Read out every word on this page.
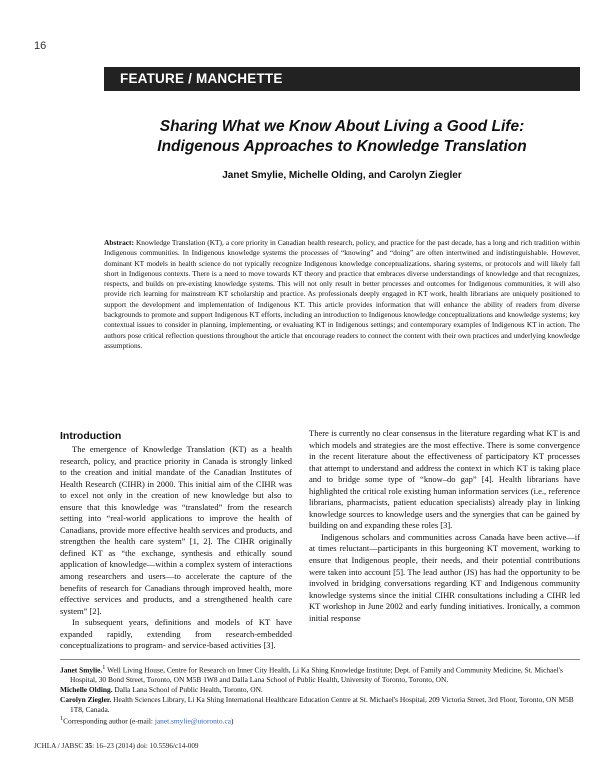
16
FEATURE / MANCHETTE
Sharing What we Know About Living a Good Life:
Indigenous Approaches to Knowledge Translation
Janet Smylie, Michelle Olding, and Carolyn Ziegler
Abstract: Knowledge Translation (KT), a core priority in Canadian health research, policy, and practice for the past decade, has a long and rich tradition within Indigenous communities. In Indigenous knowledge systems the processes of “knowing” and “doing” are often intertwined and indistinguishable. However, dominant KT models in health science do not typically recognize Indigenous knowledge conceptualizations, sharing systems, or protocols and will likely fall short in Indigenous contexts. There is a need to move towards KT theory and practice that embraces diverse understandings of knowledge and that recognizes, respects, and builds on pre-existing knowledge systems. This will not only result in better processes and outcomes for Indigenous communities, it will also provide rich learning for mainstream KT scholarship and practice. As professionals deeply engaged in KT work, health librarians are uniquely positioned to support the development and implementation of Indigenous KT. This article provides information that will enhance the ability of readers from diverse backgrounds to promote and support Indigenous KT efforts, including an introduction to Indigenous knowledge conceptualizations and knowledge systems; key contextual issues to consider in planning, implementing, or evaluating KT in Indigenous settings; and contemporary examples of Indigenous KT in action. The authors pose critical reflection questions throughout the article that encourage readers to connect the content with their own practices and underlying knowledge assumptions.
Introduction

The emergence of Knowledge Translation (KT) as a health research, policy, and practice priority in Canada is strongly linked to the creation and initial mandate of the Canadian Institutes of Health Research (CIHR) in 2000. This initial aim of the CIHR was to excel not only in the creation of new knowledge but also to ensure that this knowledge was “translated” from the research setting into “real-world applications to improve the health of Canadians, provide more effective health services and products, and strengthen the health care system” [1, 2]. The CIHR originally defined KT as “the exchange, synthesis and ethically sound application of knowledge—within a complex system of interactions among researchers and users—to accelerate the capture of the benefits of research for Canadians through improved health, more effective services and products, and a strengthened health care system” [2].

In subsequent years, definitions and models of KT have expanded rapidly, extending from research-embedded conceptualizations to program- and service-based activities [3].

There is currently no clear consensus in the literature regarding what KT is and which models and strategies are the most effective. There is some convergence in the recent literature about the effectiveness of participatory KT processes that attempt to understand and address the context in which KT is taking place and to bridge some type of “know–do gap” [4]. Health librarians have highlighted the critical role existing human information services (i.e., reference librarians, pharmacists, patient education specialists) already play in linking knowledge sources to knowledge users and the synergies that can be gained by building on and expanding these roles [3].

Indigenous scholars and communities across Canada have been active—if at times reluctant—participants in this burgeoning KT movement, working to ensure that Indigenous people, their needs, and their potential contributions were taken into account [5]. The lead author (JS) has had the opportunity to be involved in bridging conversations regarding KT and Indigenous community knowledge systems since the initial CIHR consultations including a CIHR led KT workshop in June 2002 and early funding initiatives. Ironically, a common initial response

Janet Smylie.$^1$ Well Living House, Centre for Research on Inner City Health, Li Ka Shing Knowledge Institute; Dept. of Family and Community Medicine, St. Michael's Hospital, 30 Bond Street, Toronto, ON M5B 1W8 and Dalla Lana School of Public Health, University of Toronto, Toronto, ON.

Michelle Olding. Dalla Lana School of Public Health, Toronto, ON.

Carolyn Ziegler. Health Sciences Library, Li Ka Shing International Healthcare Education Centre at St. Michael's Hospital, 209 Victoria Street, 3rd Floor, Toronto, ON M5B 1T8, Canada.

$^1$Corresponding author (e-mail: janet.smylie@utoronto.ca)

JCHLA / JABSC 35: 16–23 (2014) doi: 10.5596/c14-009
